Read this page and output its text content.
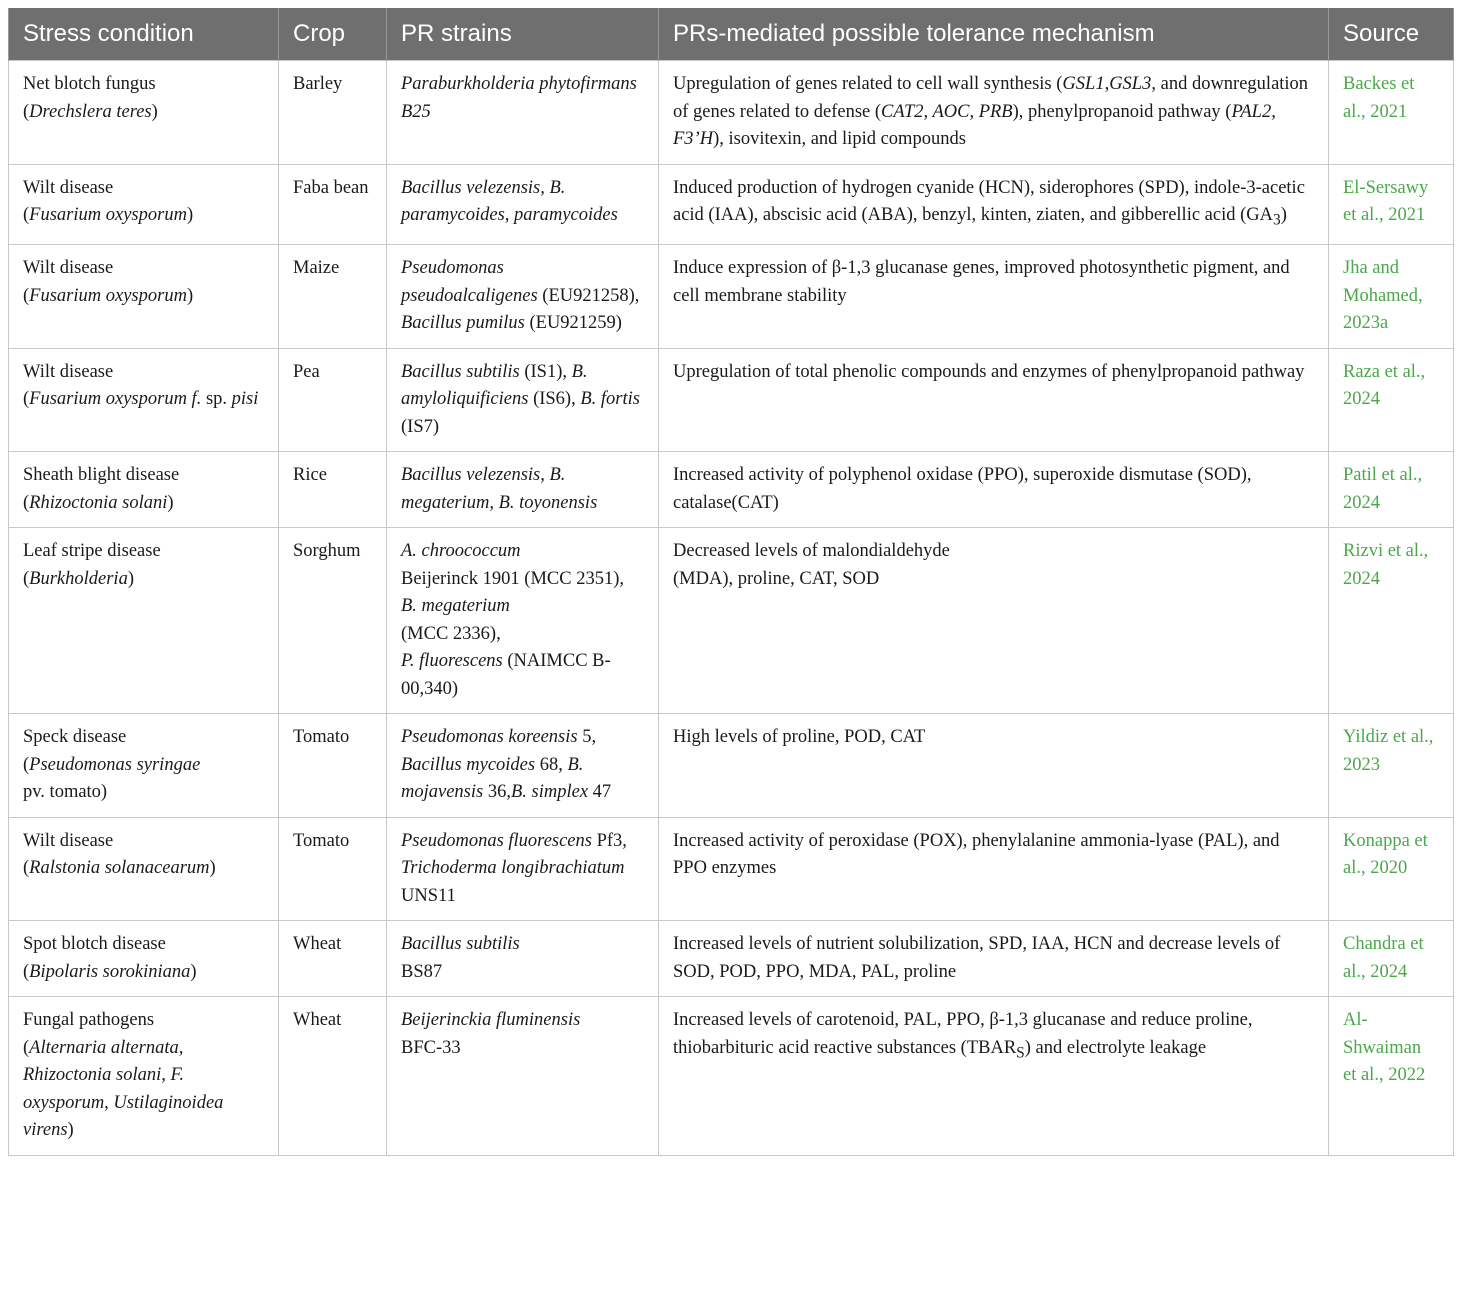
Stress condition	Crop	PR strains	PRs-mediated possible tolerance mechanism	Source
Net blotch fungus
(Drechslera teres)	Barley	Paraburkholderia phytofirmans B25	Upregulation of genes related to cell wall synthesis (GSL1,GSL3, and downregulation of genes related to defense (CAT2, AOC, PRB), phenylpropanoid pathway (PAL2, F3’H), isovitexin, and lipid compounds	Backes et al., 2021
Wilt disease
(Fusarium oxysporum)	Faba bean	Bacillus velezensis, B. paramycoides, paramycoides	Induced production of hydrogen cyanide (HCN), siderophores (SPD), indole-3-acetic acid (IAA), abscisic acid (ABA), benzyl, kinten, ziaten, and gibberellic acid $(GA_3)$	El-Sersawy et al., 2021
Wilt disease
(Fusarium oxysporum)	Maize	Pseudomonas pseudoalcaligenes (EU921258), Bacillus pumilus (EU921259)	Induce expression of β-1,3 glucanase genes, improved photosynthetic pigment, and cell membrane stability	Jha and Mohamed, 2023a
Wilt disease
(Fusarium oxysporum f. sp. pisi	Pea	Bacillus subtilis (IS1), B. amyloliquificiens (IS6), B. fortis (IS7)	Upregulation of total phenolic compounds and enzymes of phenylpropanoid pathway	Raza et al., 2024
Sheath blight disease
(Rhizoctonia solani)	Rice	Bacillus velezensis, B. megaterium, B. toyonensis	Increased activity of polyphenol oxidase (PPO), superoxide dismutase (SOD), catalase(CAT)	Patil et al., 2024
Leaf stripe disease
(Burkholderia)	Sorghum	A. chroococcum
Beijerinck 1901 (MCC 2351),
B. megaterium
(MCC 2336),
P. fluorescens (NAIMCC B-00,340)	Decreased levels of malondialdehyde
(MDA), proline, CAT, SOD	Rizvi et al., 2024
Speck disease
(Pseudomonas syringae
pv. tomato)	Tomato	Pseudomonas koreensis 5, Bacillus mycoides 68, B. mojavensis 36,B. simplex 47	High levels of proline, POD, CAT	Yildiz et al., 2023
Wilt disease
(Ralstonia solanacearum)	Tomato	Pseudomonas fluorescens Pf3,
Trichoderma longibrachiatum
UNS11	Increased activity of peroxidase (POX), phenylalanine ammonia-lyase (PAL), and PPO enzymes	Konappa et al., 2020
Spot blotch disease
(Bipolaris sorokiniana)	Wheat	Bacillus subtilis
BS87	Increased levels of nutrient solubilization, SPD, IAA, HCN and decrease levels of SOD, POD, PPO, MDA, PAL, proline	Chandra et al., 2024
Fungal pathogens
(Alternaria alternata, Rhizoctonia solani, F. oxysporum, Ustilaginoidea virens)	Wheat	Beijerinckia fluminensis
BFC-33	Increased levels of carotenoid, PAL, PPO, β-1,3 glucanase and reduce proline, thiobarbituric acid reactive substances $(TBAR_S)$ and electrolyte leakage	Al-Shwaiman et al., 2022
